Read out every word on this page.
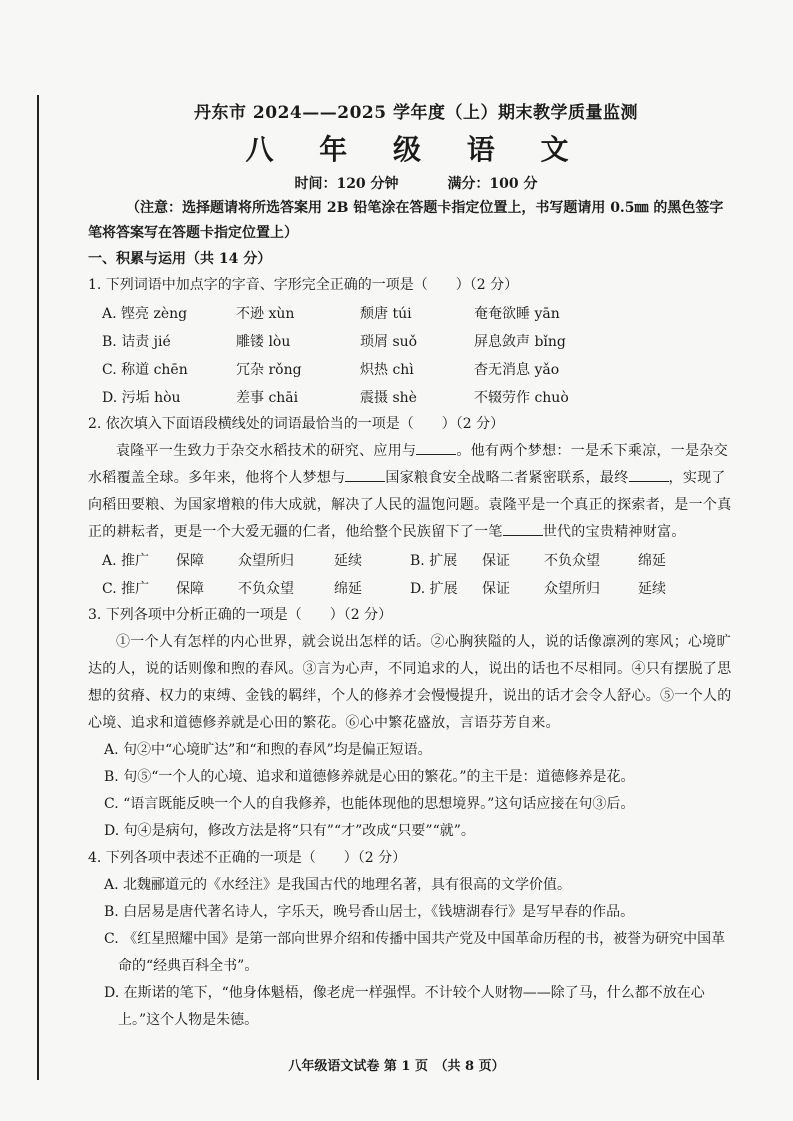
丹东市 2024——2025 学年度（上）期末教学质量监测

八 年 级 语 文

时间：120 分钟	满分：100 分
（注意：选择题请将所选答案用 2B 铅笔涂在答题卡指定位置上，书写题请用 0.5㎜ 的黑色签字笔将答案写在答题卡指定位置上）
一、积累与运用（共 14 分）
1. 下列词语中加点字的字音、字形完全正确的一项是（　　）（2 分）
A. 铿亮 zèng	不逊 xùn	颓唐 túi	奄奄欲睡 yān
B. 诘责 jié	雕镂 lòu	琐屑 suǒ	屏息敛声 bǐng
C. 称道 chēn	冗杂 rǒng	炽热 chì	杳无消息 yǎo
D. 污垢 hòu	差事 chāi	震摄 shè	不辍劳作 chuò
2. 依次填入下面语段横线处的词语最恰当的一项是（　　）（2 分）
袁隆平一生致力于杂交水稻技术的研究、应用与	。他有两个梦想：一是禾下乘凉，一是杂交水稻覆盖全球。多年来，他将个人梦想与	国家粮食安全战略二者紧密联系，最终	，实现了向稻田要粮、为国家增粮的伟大成就，解决了人民的温饱问题。袁隆平是一个真正的探索者，是一个真正的耕耘者，更是一个大爱无疆的仁者，他给整个民族留下了一笔	世代的宝贵精神财富。
A. 推广 保障 众望所归	延续	B. 扩展 保证 不负众望	绵延
C. 推广 保障 不负众望	绵延	D. 扩展 保证 众望所归	延续
3. 下列各项中分析正确的一项是（　　）（2 分）
①一个人有怎样的内心世界，就会说出怎样的话。②心胸狭隘的人，说的话像凛冽的寒风；心境旷达的人，说的话则像和煦的春风。③言为心声，不同追求的人，说出的话也不尽相同。④只有摆脱了思想的贫瘠、权力的束缚、金钱的羁绊，个人的修养才会慢慢提升，说出的话才会令人舒心。⑤一个人的心境、追求和道德修养就是心田的繁花。⑥心中繁花盛放，言语芬芳自来。
A. 句②中“心境旷达”和“和煦的春风”均是偏正短语。
B. 句⑤“一个人的心境、追求和道德修养就是心田的繁花。”的主干是：道德修养是花。
C. “语言既能反映一个人的自我修养，也能体现他的思想境界。”这句话应接在句③后。
D. 句④是病句，修改方法是将“只有”“才”改成“只要”“就”。
4. 下列各项中表述不正确的一项是（　　）（2 分）
A. 北魏郦道元的《水经注》是我国古代的地理名著，具有很高的文学价值。
B. 白居易是唐代著名诗人，字乐天，晚号香山居士，《钱塘湖春行》是写早春的作品。
C. 《红星照耀中国》是第一部向世界介绍和传播中国共产党及中国革命历程的书，被誉为研究中国革命的“经典百科全书”。
D. 在斯诺的笔下，“他身体魁梧，像老虎一样强悍。不计较个人财物——除了马，什么都不放在心上。”这个人物是朱德。
八年级语文试卷 第 1 页　（共 8 页）
